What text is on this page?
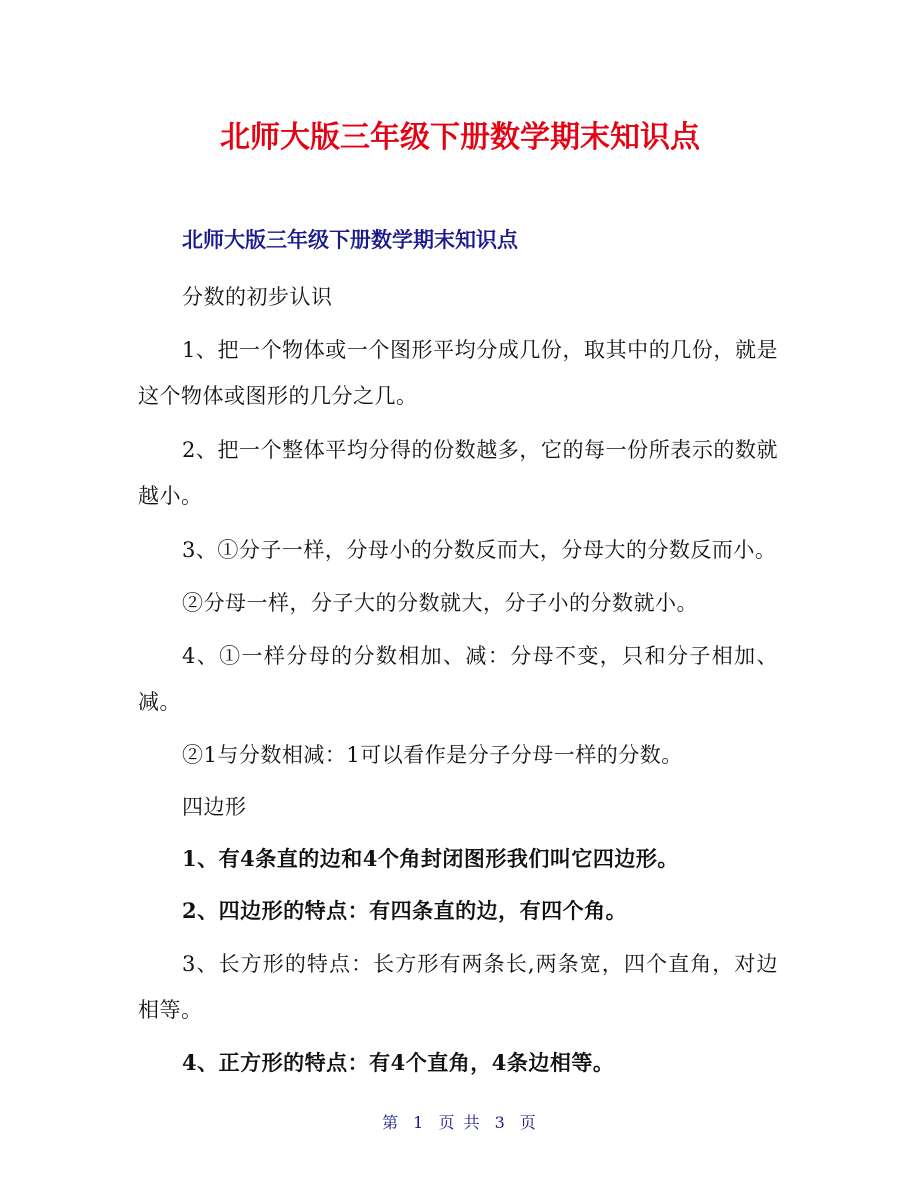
北师大版三年级下册数学期末知识点
北师大版三年级下册数学期末知识点

分数的初步认识

1、把一个物体或一个图形平均分成几份，取其中的几份，就是这个物体或图形的几分之几。

2、把一个整体平均分得的份数越多，它的每一份所表示的数就越小。

3、①分子一样，分母小的分数反而大，分母大的分数反而小。

②分母一样，分子大的分数就大，分子小的分数就小。

4、①一样分母的分数相加、减：分母不变，只和分子相加、减。

②1与分数相减：1可以看作是分子分母一样的分数。

四边形

1、有4条直的边和4个角封闭图形我们叫它四边形。

2、四边形的特点：有四条直的边，有四个角。

3、长方形的特点：长方形有两条长,两条宽，四个直角，对边相等。

4、正方形的特点：有4个直角，4条边相等。

第 1 页 共 3 页
